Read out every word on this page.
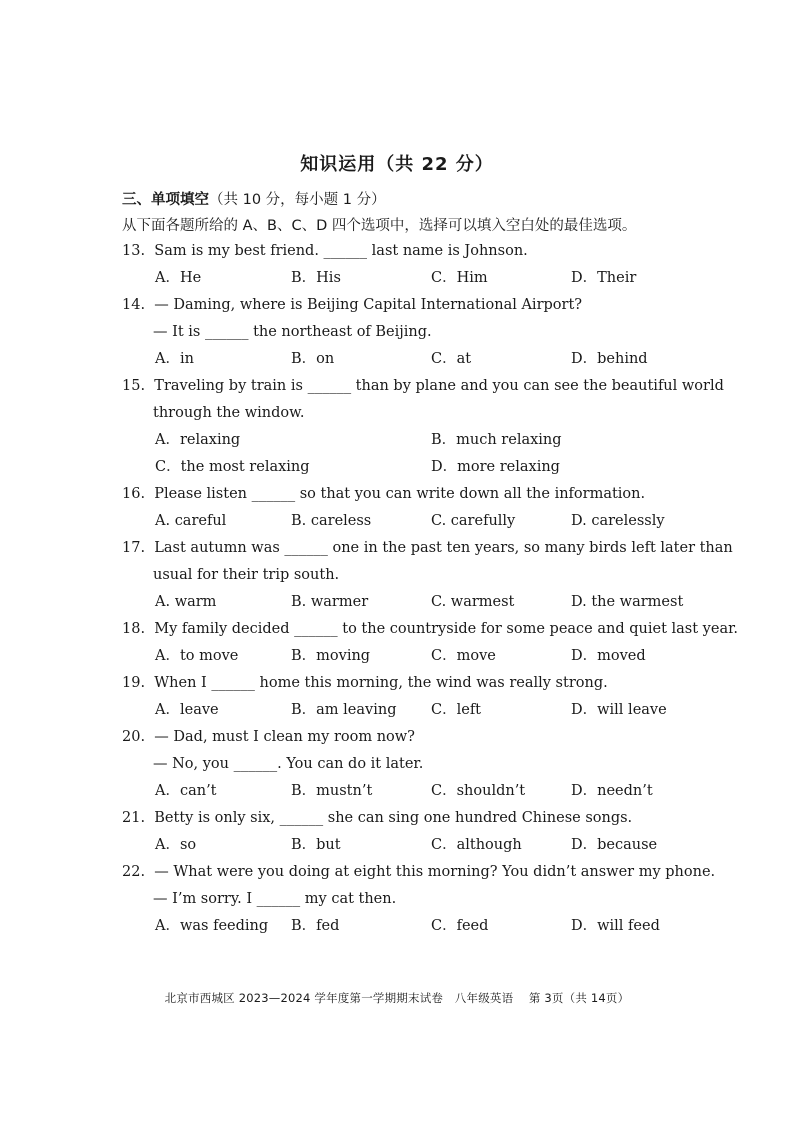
知识运用（共 22 分）
三、单项填空（共 10 分，每小题 1 分）
从下面各题所给的 A、B、C、D 四个选项中，选择可以填入空白处的最佳选项。
13. Sam is my best friend. ______ last name is Johnson.
A．He	B．His	C．Him	D．Their
14. — Daming, where is Beijing Capital International Airport?
— It is ______ the northeast of Beijing.
A．in	B．on	C．at	D．behind
15. Traveling by train is ______ than by plane and you can see the beautiful world
through the window.
A．relaxing	B．much relaxing
C．the most relaxing	D．more relaxing
16. Please listen ______ so that you can write down all the information.
A. careful	B. careless	C. carefully	D. carelessly
17. Last autumn was ______ one in the past ten years, so many birds left later than
usual for their trip south.
A. warm	B. warmer	C. warmest	D. the warmest
18. My family decided ______ to the countryside for some peace and quiet last year.
A．to move	B．moving	C．move	D．moved
19. When I ______ home this morning, the wind was really strong.
A．leave	B．am leaving C．left	D．will leave
20. — Dad, must I clean my room now?
— No, you ______. You can do it later.
A．can’t	B．mustn’t	C．shouldn’t	D．needn’t
21. Betty is only six, ______ she can sing one hundred Chinese songs.
A．so	B．but	C．although	D．because
22. — What were you doing at eight this morning? You didn’t answer my phone.
— I’m sorry. I ______ my cat then.
A．was feeding B．fed	C．feed	D．will feed
北京市西城区 2023—2024 学年度第一学期期末试卷　八年级英语　 第 3页（共 14页）
